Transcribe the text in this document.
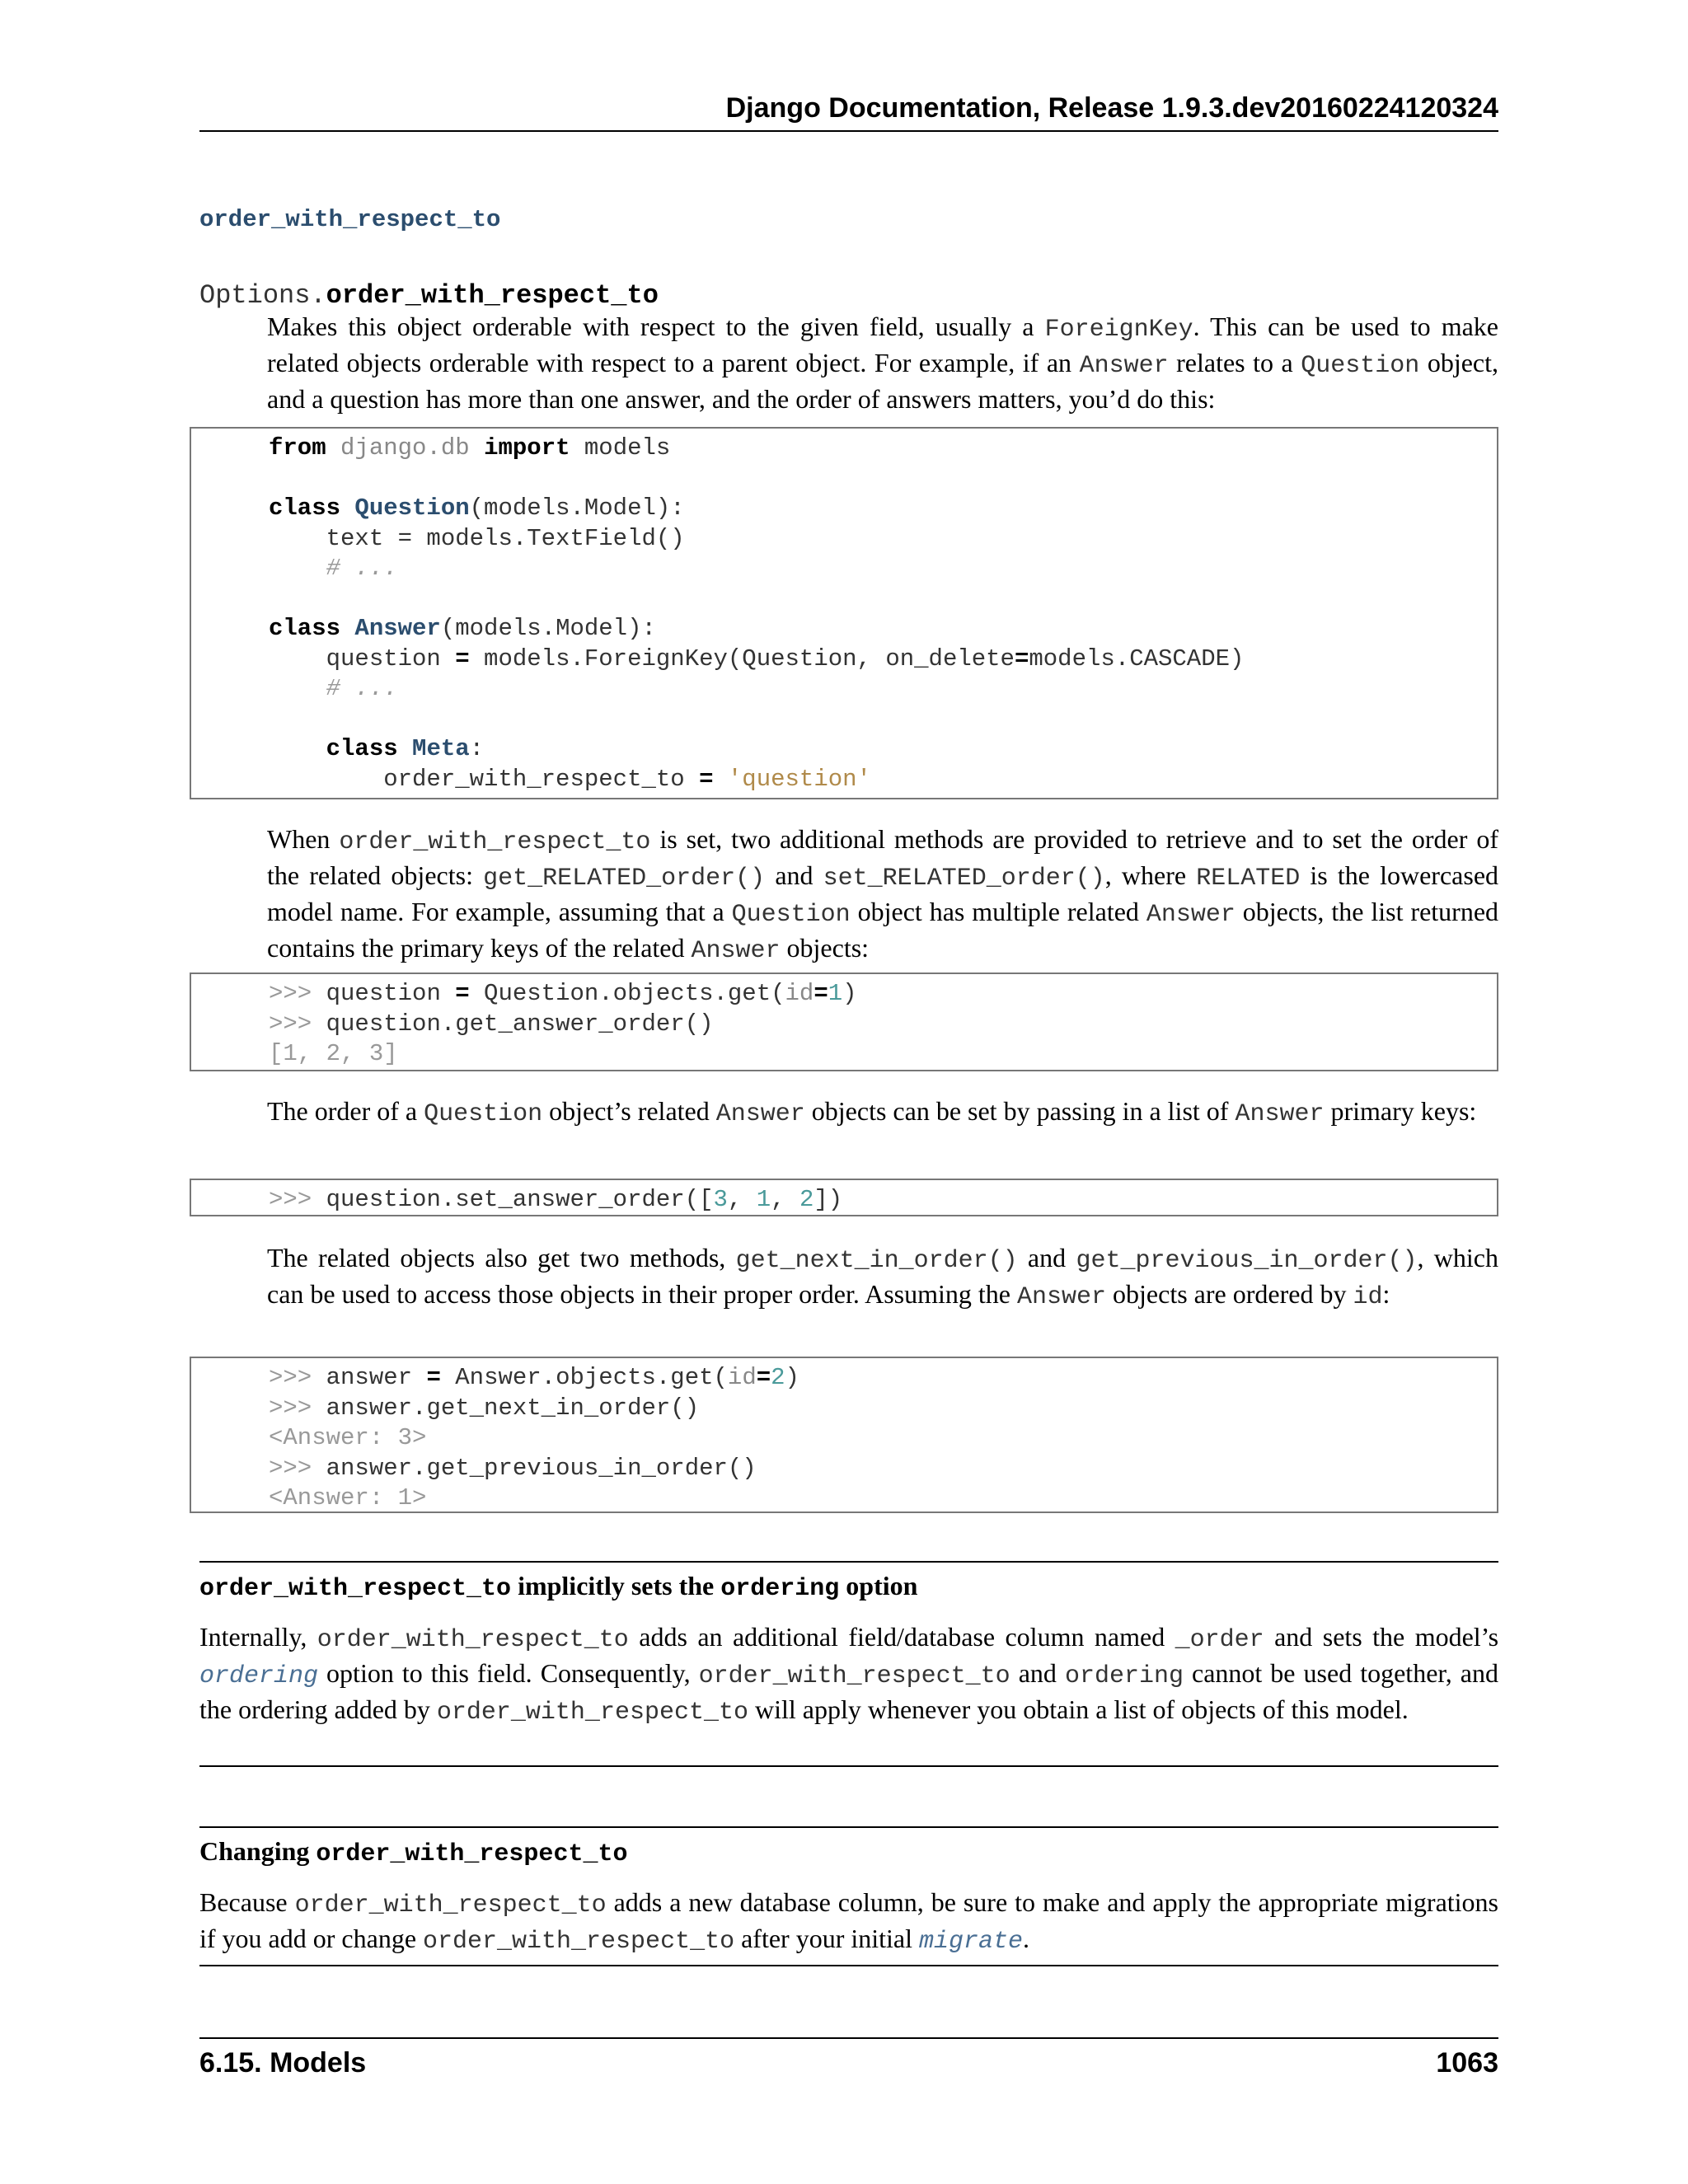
Django Documentation, Release 1.9.3.dev20160224120324
order_with_respect_to
Options.order_with_respect_to
Makes this object orderable with respect to the given field, usually a ForeignKey. This can be used to make related objects orderable with respect to a parent object. For example, if an Answer relates to a Question object, and a question has more than one answer, and the order of answers matters, you’d do this:
from django.db import models

class Question(models.Model):
text = models.TextField()
# ...

class Answer(models.Model):
question = models.ForeignKey(Question, on_delete=models.CASCADE)
# ...

class Meta:
order_with_respect_to = 'question'
When order_with_respect_to is set, two additional methods are provided to retrieve and to set the order of the related objects: get_RELATED_order() and set_RELATED_order(), where RELATED is the lowercased model name. For example, assuming that a Question object has multiple related Answer objects, the list returned contains the primary keys of the related Answer objects:
>>> question = Question.objects.get(id=1)
>>> question.get_answer_order()
[1, 2, 3]
The order of a Question object’s related Answer objects can be set by passing in a list of Answer primary keys:
>>> question.set_answer_order([3, 1, 2])
The related objects also get two methods, get_next_in_order() and get_previous_in_order(), which can be used to access those objects in their proper order. Assuming the Answer objects are ordered by id:
>>> answer = Answer.objects.get(id=2)
>>> answer.get_next_in_order()
<Answer: 3>
>>> answer.get_previous_in_order()
<Answer: 1>
order_with_respect_to implicitly sets the ordering option
Internally, order_with_respect_to adds an additional field/database column named _order and sets the model’s ordering option to this field. Consequently, order_with_respect_to and ordering cannot be used together, and the ordering added by order_with_respect_to will apply whenever you obtain a list of objects of this model.
Changing order_with_respect_to
Because order_with_respect_to adds a new database column, be sure to make and apply the appropriate migrations if you add or change order_with_respect_to after your initial migrate.
6.15. Models	1063
